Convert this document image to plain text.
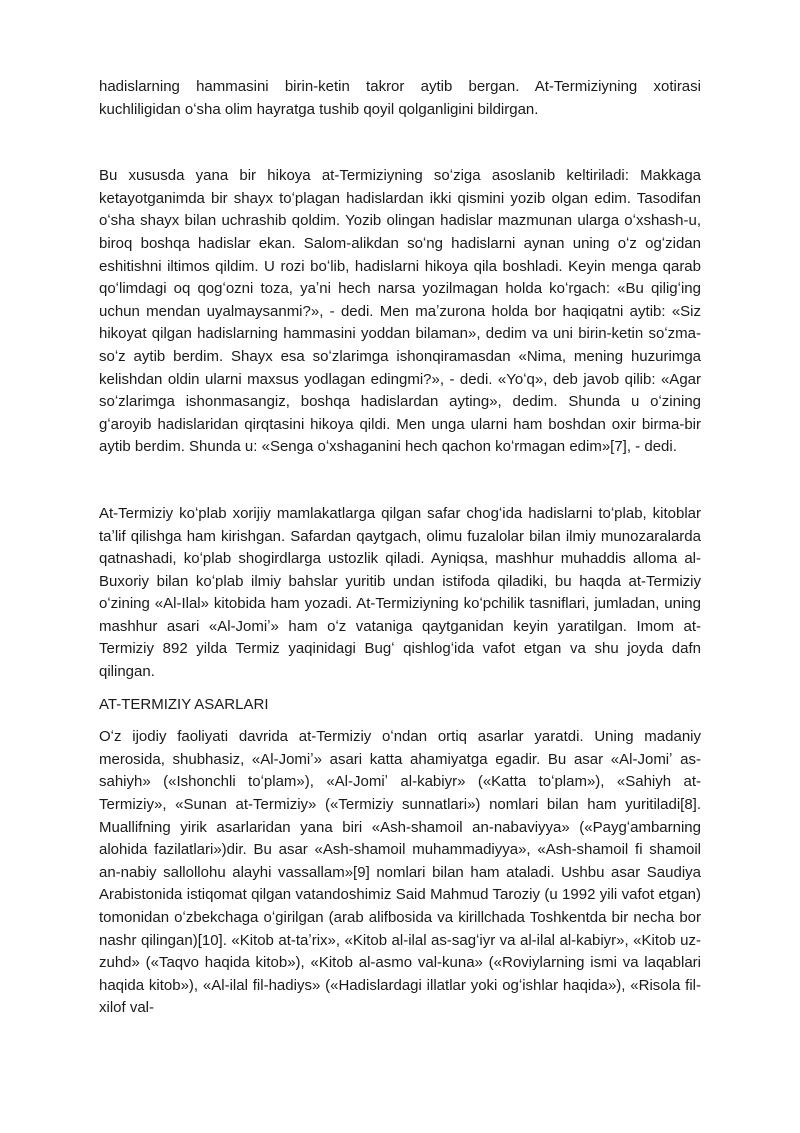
hadislarning hammasini birin-ketin takror aytib bergan. At-Termiziyning xotirasi kuchliligidan oʻsha olim hayratga tushib qoyil qolganligini bildirgan.

Bu xususda yana bir hikoya at-Termiziyning soʻziga asoslanib keltiriladi: Makkaga ketayotganimda bir shayx toʻplagan hadislardan ikki qismini yozib olgan edim. Tasodifan oʻsha shayx bilan uchrashib qoldim. Yozib olingan hadislar mazmunan ularga oʻxshash-u, biroq boshqa hadislar ekan. Salom-alikdan soʻng hadislarni aynan uning oʻz ogʻzidan eshitishni iltimos qildim. U rozi boʻlib, hadislarni hikoya qila boshladi. Keyin menga qarab qoʻlimdagi oq qogʻozni toza, yaʼni hech narsa yozilmagan holda koʻrgach: «Bu qiligʻing uchun mendan uyalmaysanmi?», - dedi. Men maʼzurona holda bor haqiqatni aytib: «Siz hikoyat qilgan hadislarning hammasini yoddan bilaman», dedim va uni birin-ketin soʻzma-soʻz aytib berdim. Shayx esa soʻzlarimga ishonqiramasdan «Nima, mening huzurimga kelishdan oldin ularni maxsus yodlagan edingmi?», - dedi. «Yoʻq», deb javob qilib: «Agar soʻzlarimga ishonmasangiz, boshqa hadislardan ayting», dedim. Shunda u oʻzining gʻaroyib hadislaridan qirqtasini hikoya qildi. Men unga ularni ham boshdan oxir birma-bir aytib berdim. Shunda u: «Senga oʻxshaganini hech qachon koʻrmagan edim»[7], - dedi.

At-Termiziy koʻplab xorijiy mamlakatlarga qilgan safar chogʻida hadislarni toʻplab, kitoblar taʼlif qilishga ham kirishgan. Safardan qaytgach, olimu fuzalolar bilan ilmiy munozaralarda qatnashadi, koʻplab shogirdlarga ustozlik qiladi. Ayniqsa, mashhur muhaddis alloma al-Buxoriy bilan koʻplab ilmiy bahslar yuritib undan istifoda qiladiki, bu haqda at-Termiziy oʻzining «Al-Ilal» kitobida ham yozadi. At-Termiziyning koʻpchilik tasniflari, jumladan, uning mashhur asari «Al-Jomiʼ» ham oʻz vataniga qaytganidan keyin yaratilgan. Imom at-Termiziy 892 yilda Termiz yaqinidagi Bugʻ qishlogʻida vafot etgan va shu joyda dafn qilingan.

AT-TERMIZIY ASARLARI

Oʻz ijodiy faoliyati davrida at-Termiziy oʻndan ortiq asarlar yaratdi. Uning madaniy merosida, shubhasiz, «Al-Jomiʼ» asari katta ahamiyatga egadir. Bu asar «Al-Jomiʼ as-sahiyh» («Ishonchli toʻplam»), «Al-Jomiʼ al-kabiyr» («Katta toʻplam»), «Sahiyh at-Termiziy», «Sunan at-Termiziy» («Termiziy sunnatlari») nomlari bilan ham yuritiladi[8]. Muallifning yirik asarlaridan yana biri «Ash-shamoil an-nabaviyya» («Paygʻambarning alohida fazilatlari»)dir. Bu asar «Ash-shamoil muhammadiyya», «Ash-shamoil fi shamoil an-nabiy sallollohu alayhi vassallam»[9] nomlari bilan ham ataladi. Ushbu asar Saudiya Arabistonida istiqomat qilgan vatandoshimiz Said Mahmud Taroziy (u 1992 yili vafot etgan) tomonidan oʻzbekchaga oʻgirilgan (arab alifbosida va kirillchada Toshkentda bir necha bor nashr qilingan)[10]. «Kitob at-taʼrix», «Kitob al-ilal as-sagʻiyr va al-ilal al-kabiyr», «Kitob uz-zuhd» («Taqvo haqida kitob»), «Kitob al-asmo val-kuna» («Roviylarning ismi va laqablari haqida kitob»), «Al-ilal fil-hadiys» («Hadislardagi illatlar yoki ogʻishlar haqida»), «Risola fil-xilof val-
